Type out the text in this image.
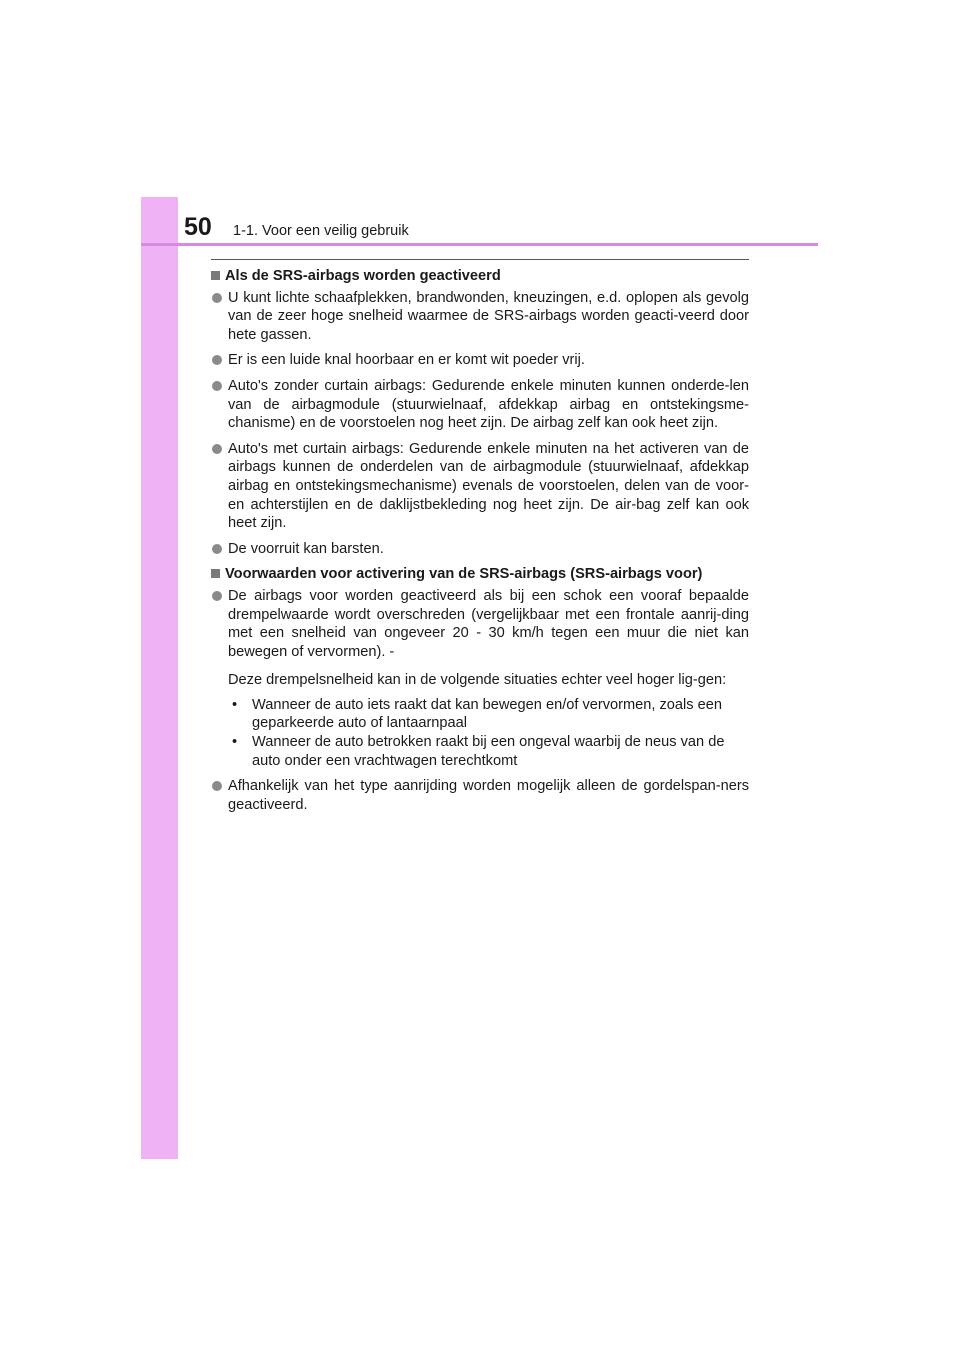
50 1-1. Voor een veilig gebruik
Als de SRS-airbags worden geactiveerd

U kunt lichte schaafplekken, brandwonden, kneuzingen, e.d. oplopen als gevolg van de zeer hoge snelheid waarmee de SRS-airbags worden geacti-veerd door hete gassen.

Er is een luide knal hoorbaar en er komt wit poeder vrij.

Auto's zonder curtain airbags: Gedurende enkele minuten kunnen onderde-len van de airbagmodule (stuurwielnaaf, afdekkap airbag en ontstekingsme-chanisme) en de voorstoelen nog heet zijn. De airbag zelf kan ook heet zijn.

Auto's met curtain airbags: Gedurende enkele minuten na het activeren van de airbags kunnen de onderdelen van de airbagmodule (stuurwielnaaf, afdekkap airbag en ontstekingsmechanisme) evenals de voorstoelen, delen van de voor- en achterstijlen en de daklijstbekleding nog heet zijn. De air-bag zelf kan ook heet zijn.

De voorruit kan barsten.

Voorwaarden voor activering van de SRS-airbags (SRS-airbags voor)

De airbags voor worden geactiveerd als bij een schok een vooraf bepaalde drempelwaarde wordt overschreden (vergelijkbaar met een frontale aanrij-ding met een snelheid van ongeveer 20 - 30 km/h tegen een muur die niet kan bewegen of vervormen). -

Deze drempelsnelheid kan in de volgende situaties echter veel hoger lig-gen:

• Wanneer de auto iets raakt dat kan bewegen en/of vervormen, zoals een geparkeerde auto of lantaarnpaal
• Wanneer de auto betrokken raakt bij een ongeval waarbij de neus van de auto onder een vrachtwagen terechtkomt

Afhankelijk van het type aanrijding worden mogelijk alleen de gordelspan-ners geactiveerd.
